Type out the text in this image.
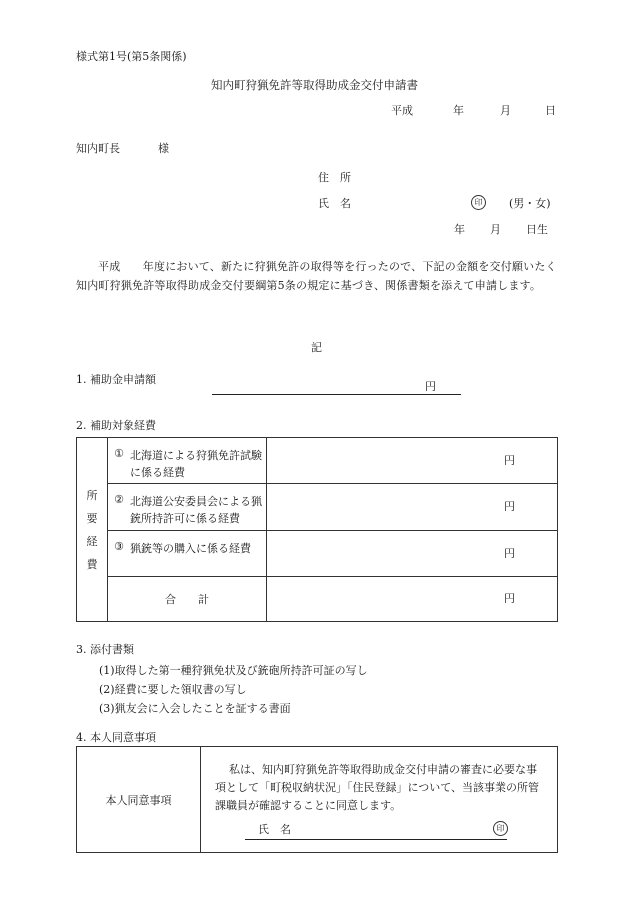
様式第1号(第5条関係)
知内町狩猟免許等取得助成金交付申請書
平成	年	月	日
知内町長	様
住　所
氏　名	印	(男・女)
年 月 日生
平成　　年度において、新たに狩猟免許の取得等を行ったので、下記の金額を交付願いたく知内町狩猟免許等取得助成金交付要綱第5条の規定に基づき、関係書類を添えて申請します。
記
1. 補助金申請額
円
2. 補助対象経費
所
要
経
費	①	北海道による狩猟免許試験に係る経費	円

	②	北海道公安委員会による猟銃所持許可に係る経費	円

	③	猟銃等の購入に係る経費	円

	合　　計		円
3. 添付書類
(1)取得した第一種狩猟免状及び銃砲所持許可証の写し
(2)経費に要した領収書の写し
(3)猟友会に入会したことを証する書面
4. 本人同意事項
本人同意事項	
私は、知内町狩猟免許等取得助成金交付申請の審査に必要な事項として「町税収納状況」「住民登録」について、当該事業の所管課職員が確認することに同意します。
氏　名	印
